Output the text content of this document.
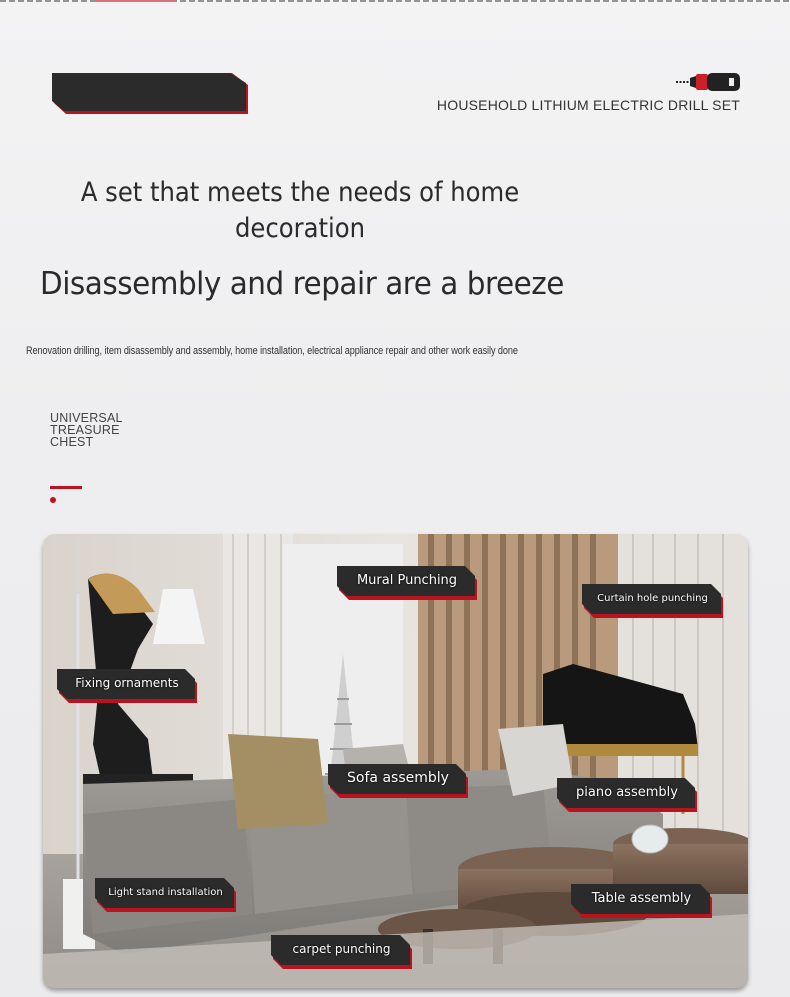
HOUSEHOLD LITHIUM ELECTRIC DRILL SET
A set that meets the needs of home
decoration
Disassembly and repair are a breeze
Renovation drilling, item disassembly and assembly, home installation, electrical appliance repair and other work easily done
UNIVERSAL
TREASURE
CHEST
Mural Punching
Curtain hole punching
Fixing ornaments
Sofa assembly
piano assembly
Light stand installation	Table assembly
carpet punching
